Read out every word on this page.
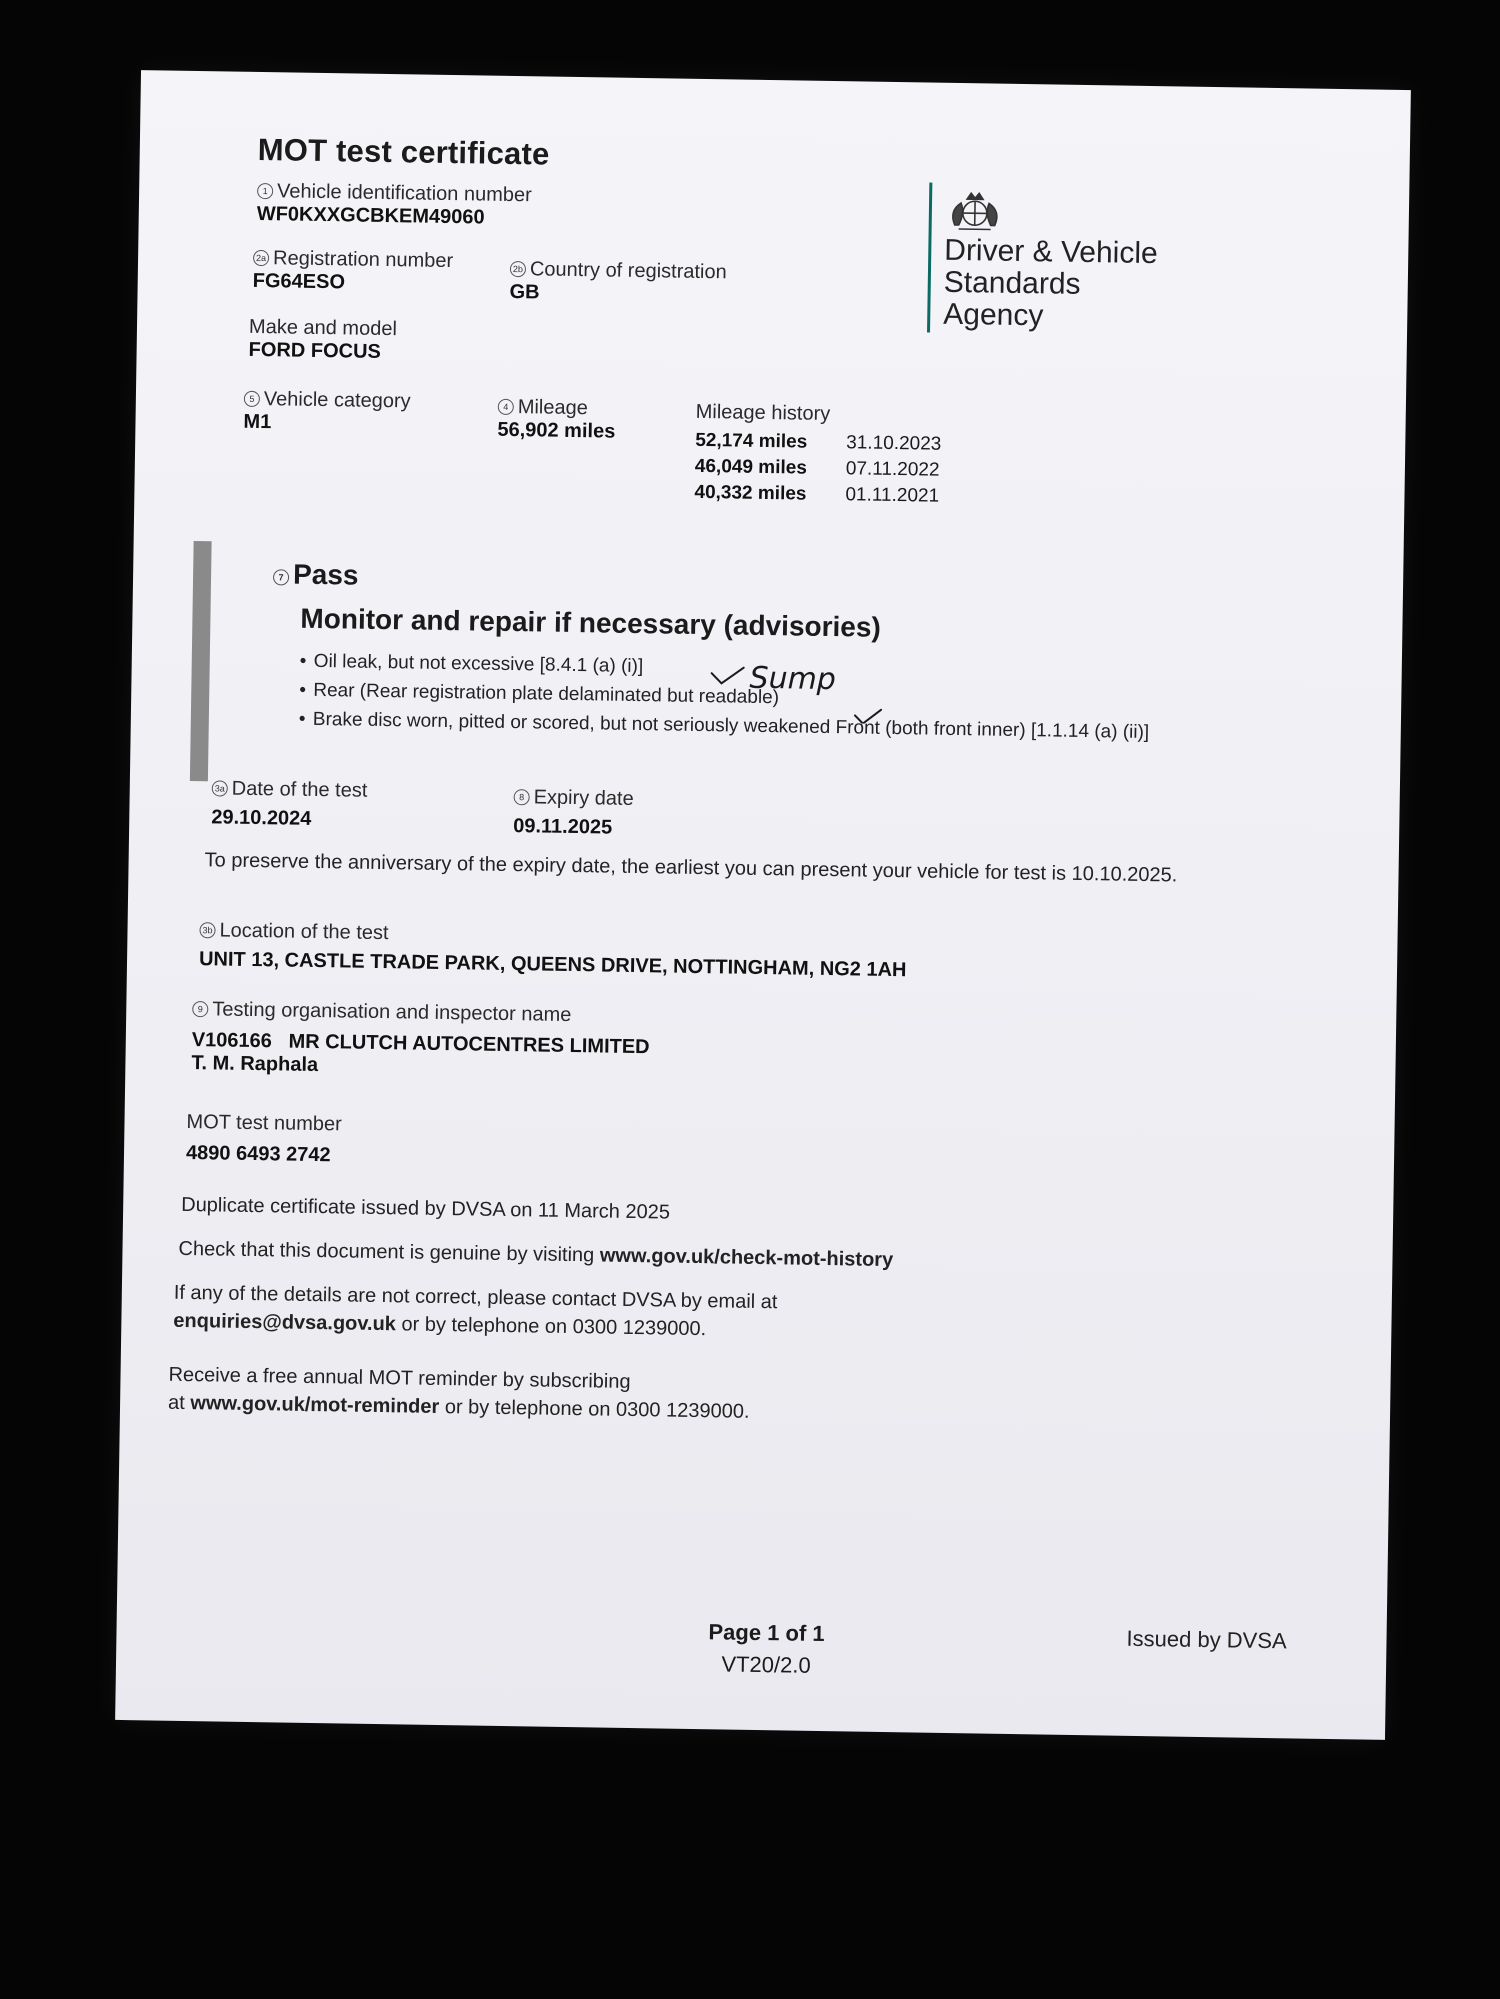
MOT test certificate
Driver & Vehicle
Standards
Agency
1 Vehicle identification number
WF0KXXGCBKEM49060
2a Registration number
FG64ESO
2b Country of registration
GB
Make and model
FORD FOCUS
5 Vehicle category
M1
4 Mileage
56,902 miles
Mileage history
52,174 miles	31.10.2023
46,049 miles	07.11.2022
40,332 miles	01.11.2021
7 Pass
Monitor and repair if necessary (advisories)
• Oil leak, but not excessive [8.4.1 (a) (i)]
• Rear (Rear registration plate delaminated but readable)
• Brake disc worn, pitted or scored, but not seriously weakened Front (both front inner) [1.1.14 (a) (ii)]
Sump
3a Date of the test
29.10.2024
8 Expiry date
09.11.2025
To preserve the anniversary of the expiry date, the earliest you can present your vehicle for test is 10.10.2025.
3b Location of the test
UNIT 13, CASTLE TRADE PARK, QUEENS DRIVE, NOTTINGHAM, NG2 1AH
9 Testing organisation and inspector name
V106166 MR CLUTCH AUTOCENTRES LIMITED
T. M. Raphala
MOT test number
4890 6493 2742
Duplicate certificate issued by DVSA on 11 March 2025
Check that this document is genuine by visiting www.gov.uk/check-mot-history
If any of the details are not correct, please contact DVSA by email at
enquiries@dvsa.gov.uk or by telephone on 0300 1239000.
Receive a free annual MOT reminder by subscribing
at www.gov.uk/mot-reminder or by telephone on 0300 1239000.
Page 1 of 1
VT20/2.0
Issued by DVSA
